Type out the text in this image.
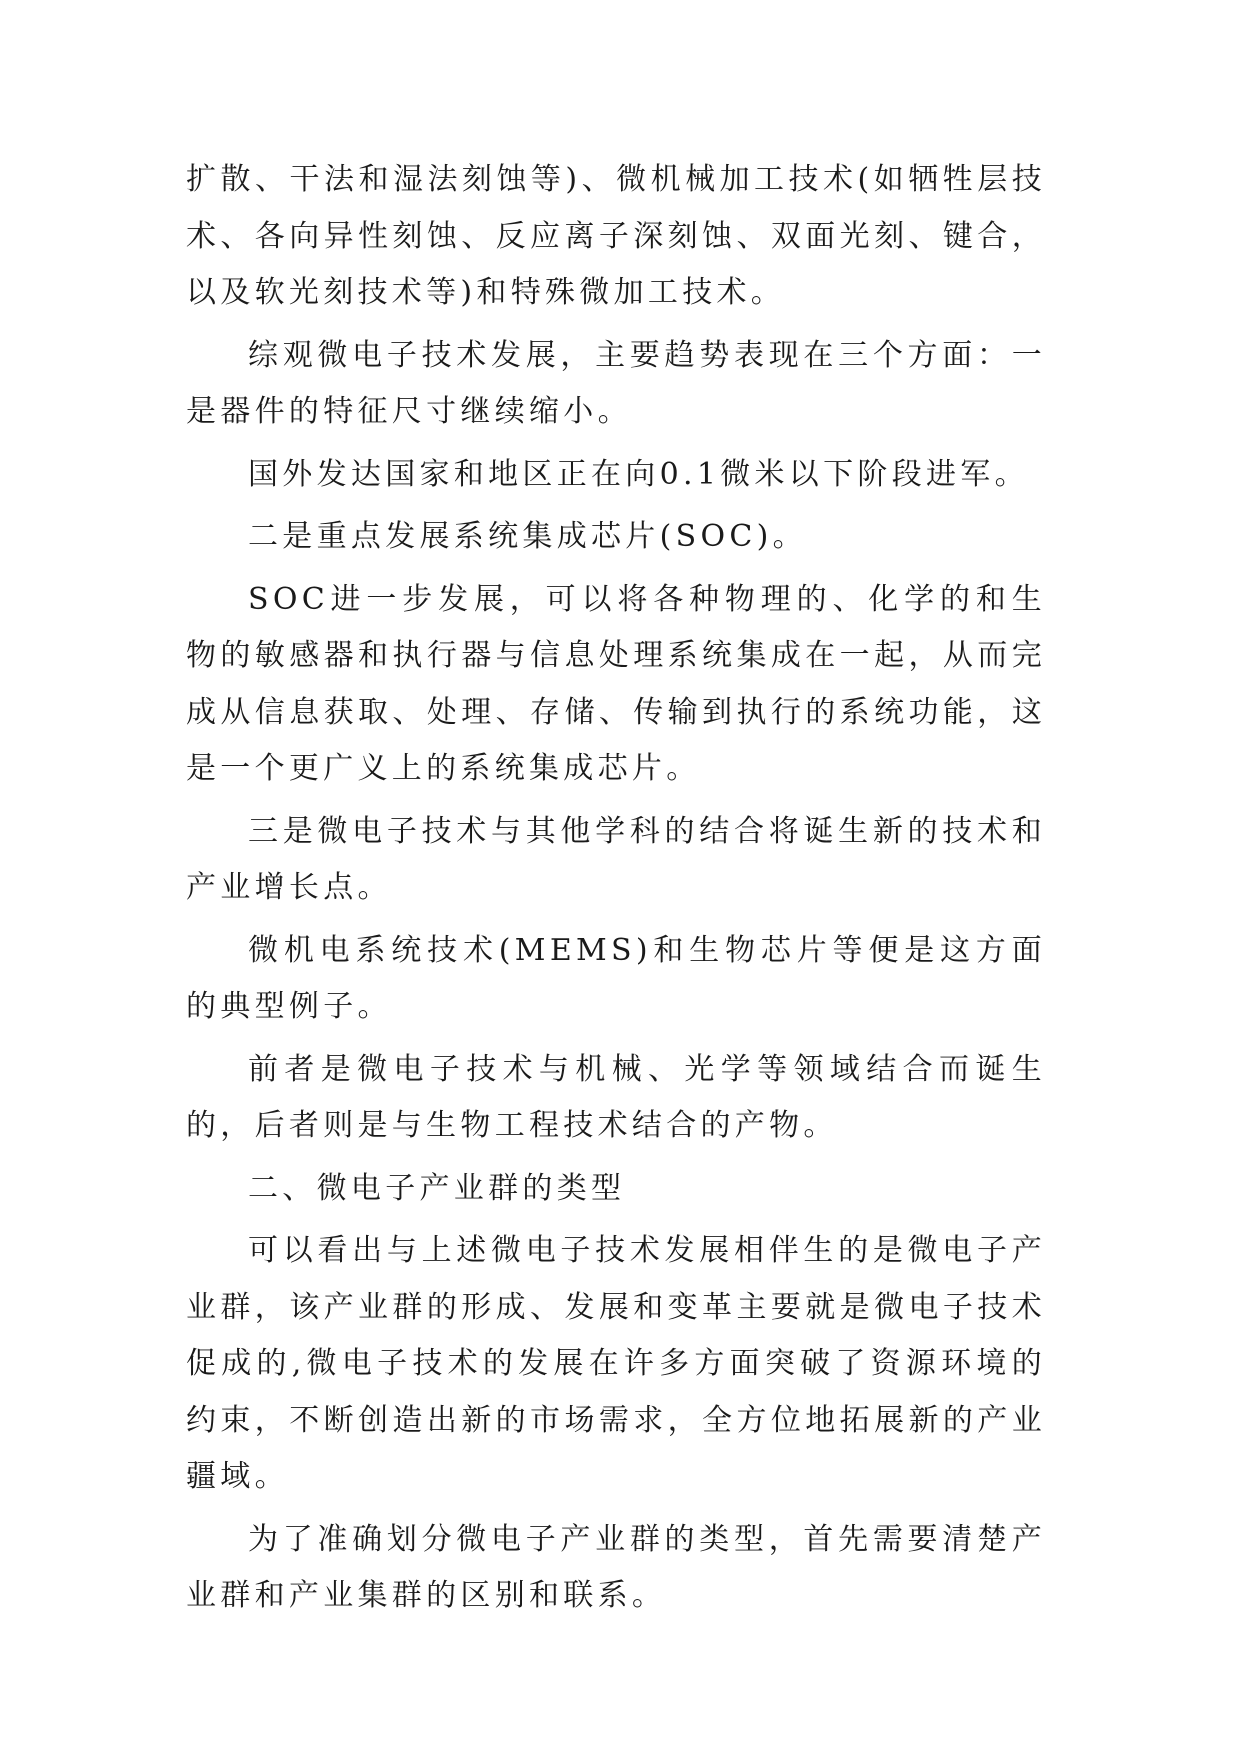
扩散、干法和湿法刻蚀等)、微机械加工技术(如牺牲层技术、各向异性刻蚀、反应离子深刻蚀、双面光刻、键合，以及软光刻技术等)和特殊微加工技术。

综观微电子技术发展，主要趋势表现在三个方面：一是器件的特征尺寸继续缩小。

国外发达国家和地区正在向0.1微米以下阶段进军。

二是重点发展系统集成芯片(SOC)。

SOC进一步发展，可以将各种物理的、化学的和生物的敏感器和执行器与信息处理系统集成在一起，从而完成从信息获取、处理、存储、传输到执行的系统功能，这是一个更广义上的系统集成芯片。

三是微电子技术与其他学科的结合将诞生新的技术和产业增长点。

微机电系统技术(MEMS)和生物芯片等便是这方面的典型例子。

前者是微电子技术与机械、光学等领域结合而诞生的，后者则是与生物工程技术结合的产物。

二、微电子产业群的类型

可以看出与上述微电子技术发展相伴生的是微电子产业群，该产业群的形成、发展和变革主要就是微电子技术促成的,微电子技术的发展在许多方面突破了资源环境的约束，不断创造出新的市场需求，全方位地拓展新的产业疆域。

为了准确划分微电子产业群的类型，首先需要清楚产业群和产业集群的区别和联系。
